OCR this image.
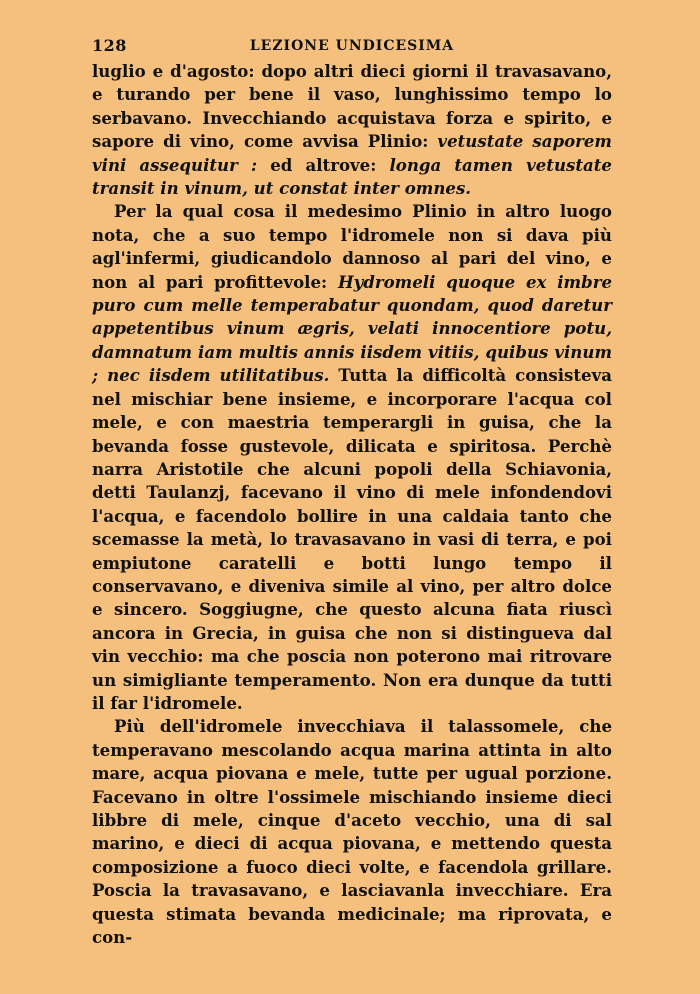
128	LEZIONE UNDICESIMA

luglio e d'agosto: dopo altri dieci giorni il travasavano, e turando per bene il vaso, lunghissimo tempo lo serbavano. Invecchiando acquistava forza e spirito, e sapore di vino, come avvisa Plinio: vetustate saporem vini assequitur : ed altrove: longa tamen vetustate transit in vinum, ut constat inter omnes.

Per la qual cosa il medesimo Plinio in altro luogo nota, che a suo tempo l'idromele non si dava più agl'infermi, giudicandolo dannoso al pari del vino, e non al pari profittevole: Hydromeli quoque ex imbre puro cum melle temperabatur quondam, quod daretur appetentibus vinum ægris, velati innocentiore potu, damnatum iam multis annis iisdem vitiis, quibus vinum ; nec iisdem utilitatibus. Tutta la difficoltà consisteva nel mischiar bene insieme, e incorporare l'acqua col mele, e con maestria temperargli in guisa, che la bevanda fosse gustevole, dilicata e spiritosa. Perchè narra Aristotile che alcuni popoli della Schiavonia, detti Taulanzj, facevano il vino di mele infondendovi l'acqua, e facendolo bollire in una caldaia tanto che scemasse la metà, lo travasavano in vasi di terra, e poi empiutone caratelli e botti lungo tempo il conservavano, e diveniva simile al vino, per altro dolce e sincero. Soggiugne, che questo alcuna fiata riuscì ancora in Grecia, in guisa che non si distingueva dal vin vecchio: ma che poscia non poterono mai ritrovare un simigliante temperamento. Non era dunque da tutti il far l'idromele.

Più dell'idromele invecchiava il talassomele, che temperavano mescolando acqua marina attinta in alto mare, acqua piovana e mele, tutte per ugual porzione. Facevano in oltre l'ossimele mischiando insieme dieci libbre di mele, cinque d'aceto vecchio, una di sal marino, e dieci di acqua piovana, e mettendo questa composizione a fuoco dieci volte, e facendola grillare. Poscia la travasavano, e lasciavanla invecchiare. Era questa stimata bevanda medicinale; ma riprovata, e con-
